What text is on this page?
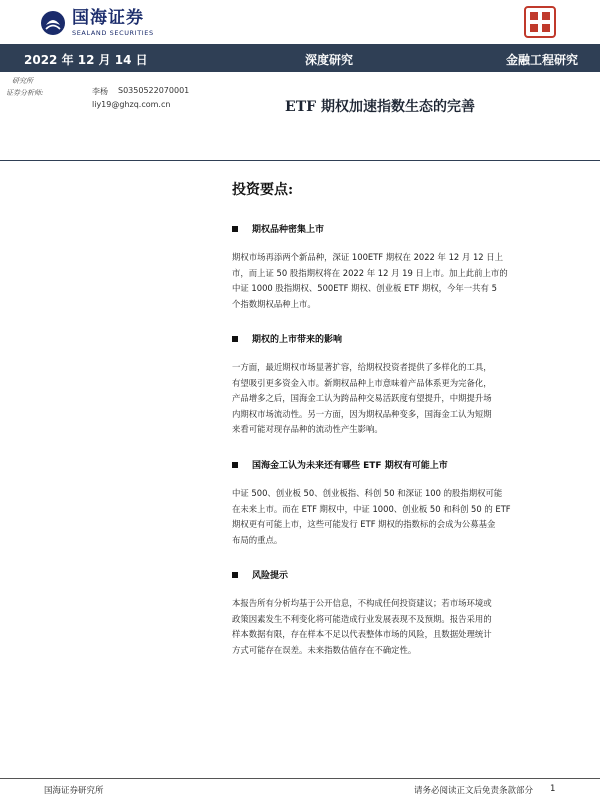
国海证券
SEALAND SECURITIES
2022 年 12 月 14 日	深度研究	金融工程研究
研究所
证券分析师:	李杨 S0350522070001
liy19@ghzq.com.cn	ETF 期权加速指数生态的完善
投资要点:
期权品种密集上市
期权市场再添两个新品种，深证 100ETF 期权在 2022 年 12 月 12 日上
市，而上证 50 股指期权将在 2022 年 12 月 19 日上市。加上此前上市的
中证 1000 股指期权、500ETF 期权、创业板 ETF 期权，今年一共有 5
个指数期权品种上市。
期权的上市带来的影响
一方面，最近期权市场显著扩容，给期权投资者提供了多样化的工具，
有望吸引更多资金入市。新期权品种上市意味着产品体系更为完备化，
产品增多之后，国海金工认为跨品种交易活跃度有望提升，中期提升场
内期权市场流动性。另一方面，因为期权品种变多，国海金工认为短期
来看可能对现存品种的流动性产生影响。
国海金工认为未来还有哪些 ETF 期权有可能上市
中证 500、创业板 50、创业板指、科创 50 和深证 100 的股指期权可能
在未来上市。而在 ETF 期权中，中证 1000、创业板 50 和科创 50 的 ETF
期权更有可能上市，这些可能发行 ETF 期权的指数标的会成为公募基金
布局的重点。
风险提示
本报告所有分析均基于公开信息，不构成任何投资建议；若市场环境或
政策因素发生不利变化将可能造成行业发展表现不及预期。报告采用的
样本数据有限，存在样本不足以代表整体市场的风险，且数据处理统计
方式可能存在误差。未来指数估值存在不确定性。
国海证券研究所	请务必阅读正文后免责条款部分 1
